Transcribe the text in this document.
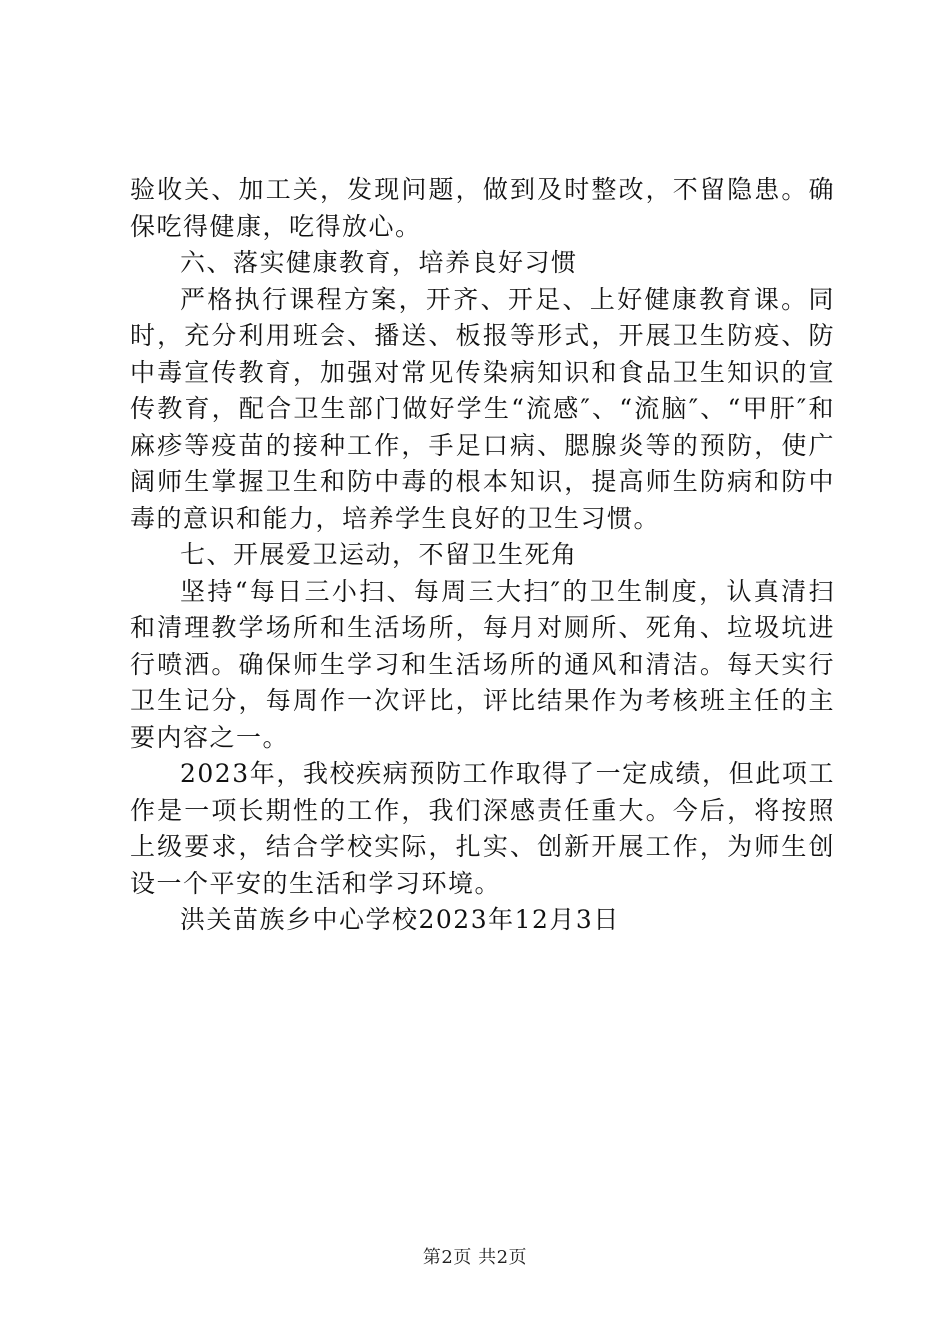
验收关、加工关，发现问题，做到及时整改，不留隐患。确保吃得健康，吃得放心。

六、落实健康教育，培养良好习惯

严格执行课程方案，开齐、开足、上好健康教育课。同时，充分利用班会、播送、板报等形式，开展卫生防疫、防中毒宣传教育，加强对常见传染病知识和食品卫生知识的宣传教育，配合卫生部门做好学生“流感″、“流脑″、“甲肝″和麻疹等疫苗的接种工作，手足口病、腮腺炎等的预防，使广阔师生掌握卫生和防中毒的根本知识，提高师生防病和防中毒的意识和能力，培养学生良好的卫生习惯。

七、开展爱卫运动，不留卫生死角

坚持“每日三小扫、每周三大扫″的卫生制度，认真清扫和清理教学场所和生活场所，每月对厕所、死角、垃圾坑进行喷洒。确保师生学习和生活场所的通风和清洁。每天实行卫生记分，每周作一次评比，评比结果作为考核班主任的主要内容之一。

2023年，我校疾病预防工作取得了一定成绩，但此项工作是一项长期性的工作，我们深感责任重大。今后，将按照上级要求，结合学校实际，扎实、创新开展工作，为师生创设一个平安的生活和学习环境。

洪关苗族乡中心学校2023年12月3日

第2页 共2页
